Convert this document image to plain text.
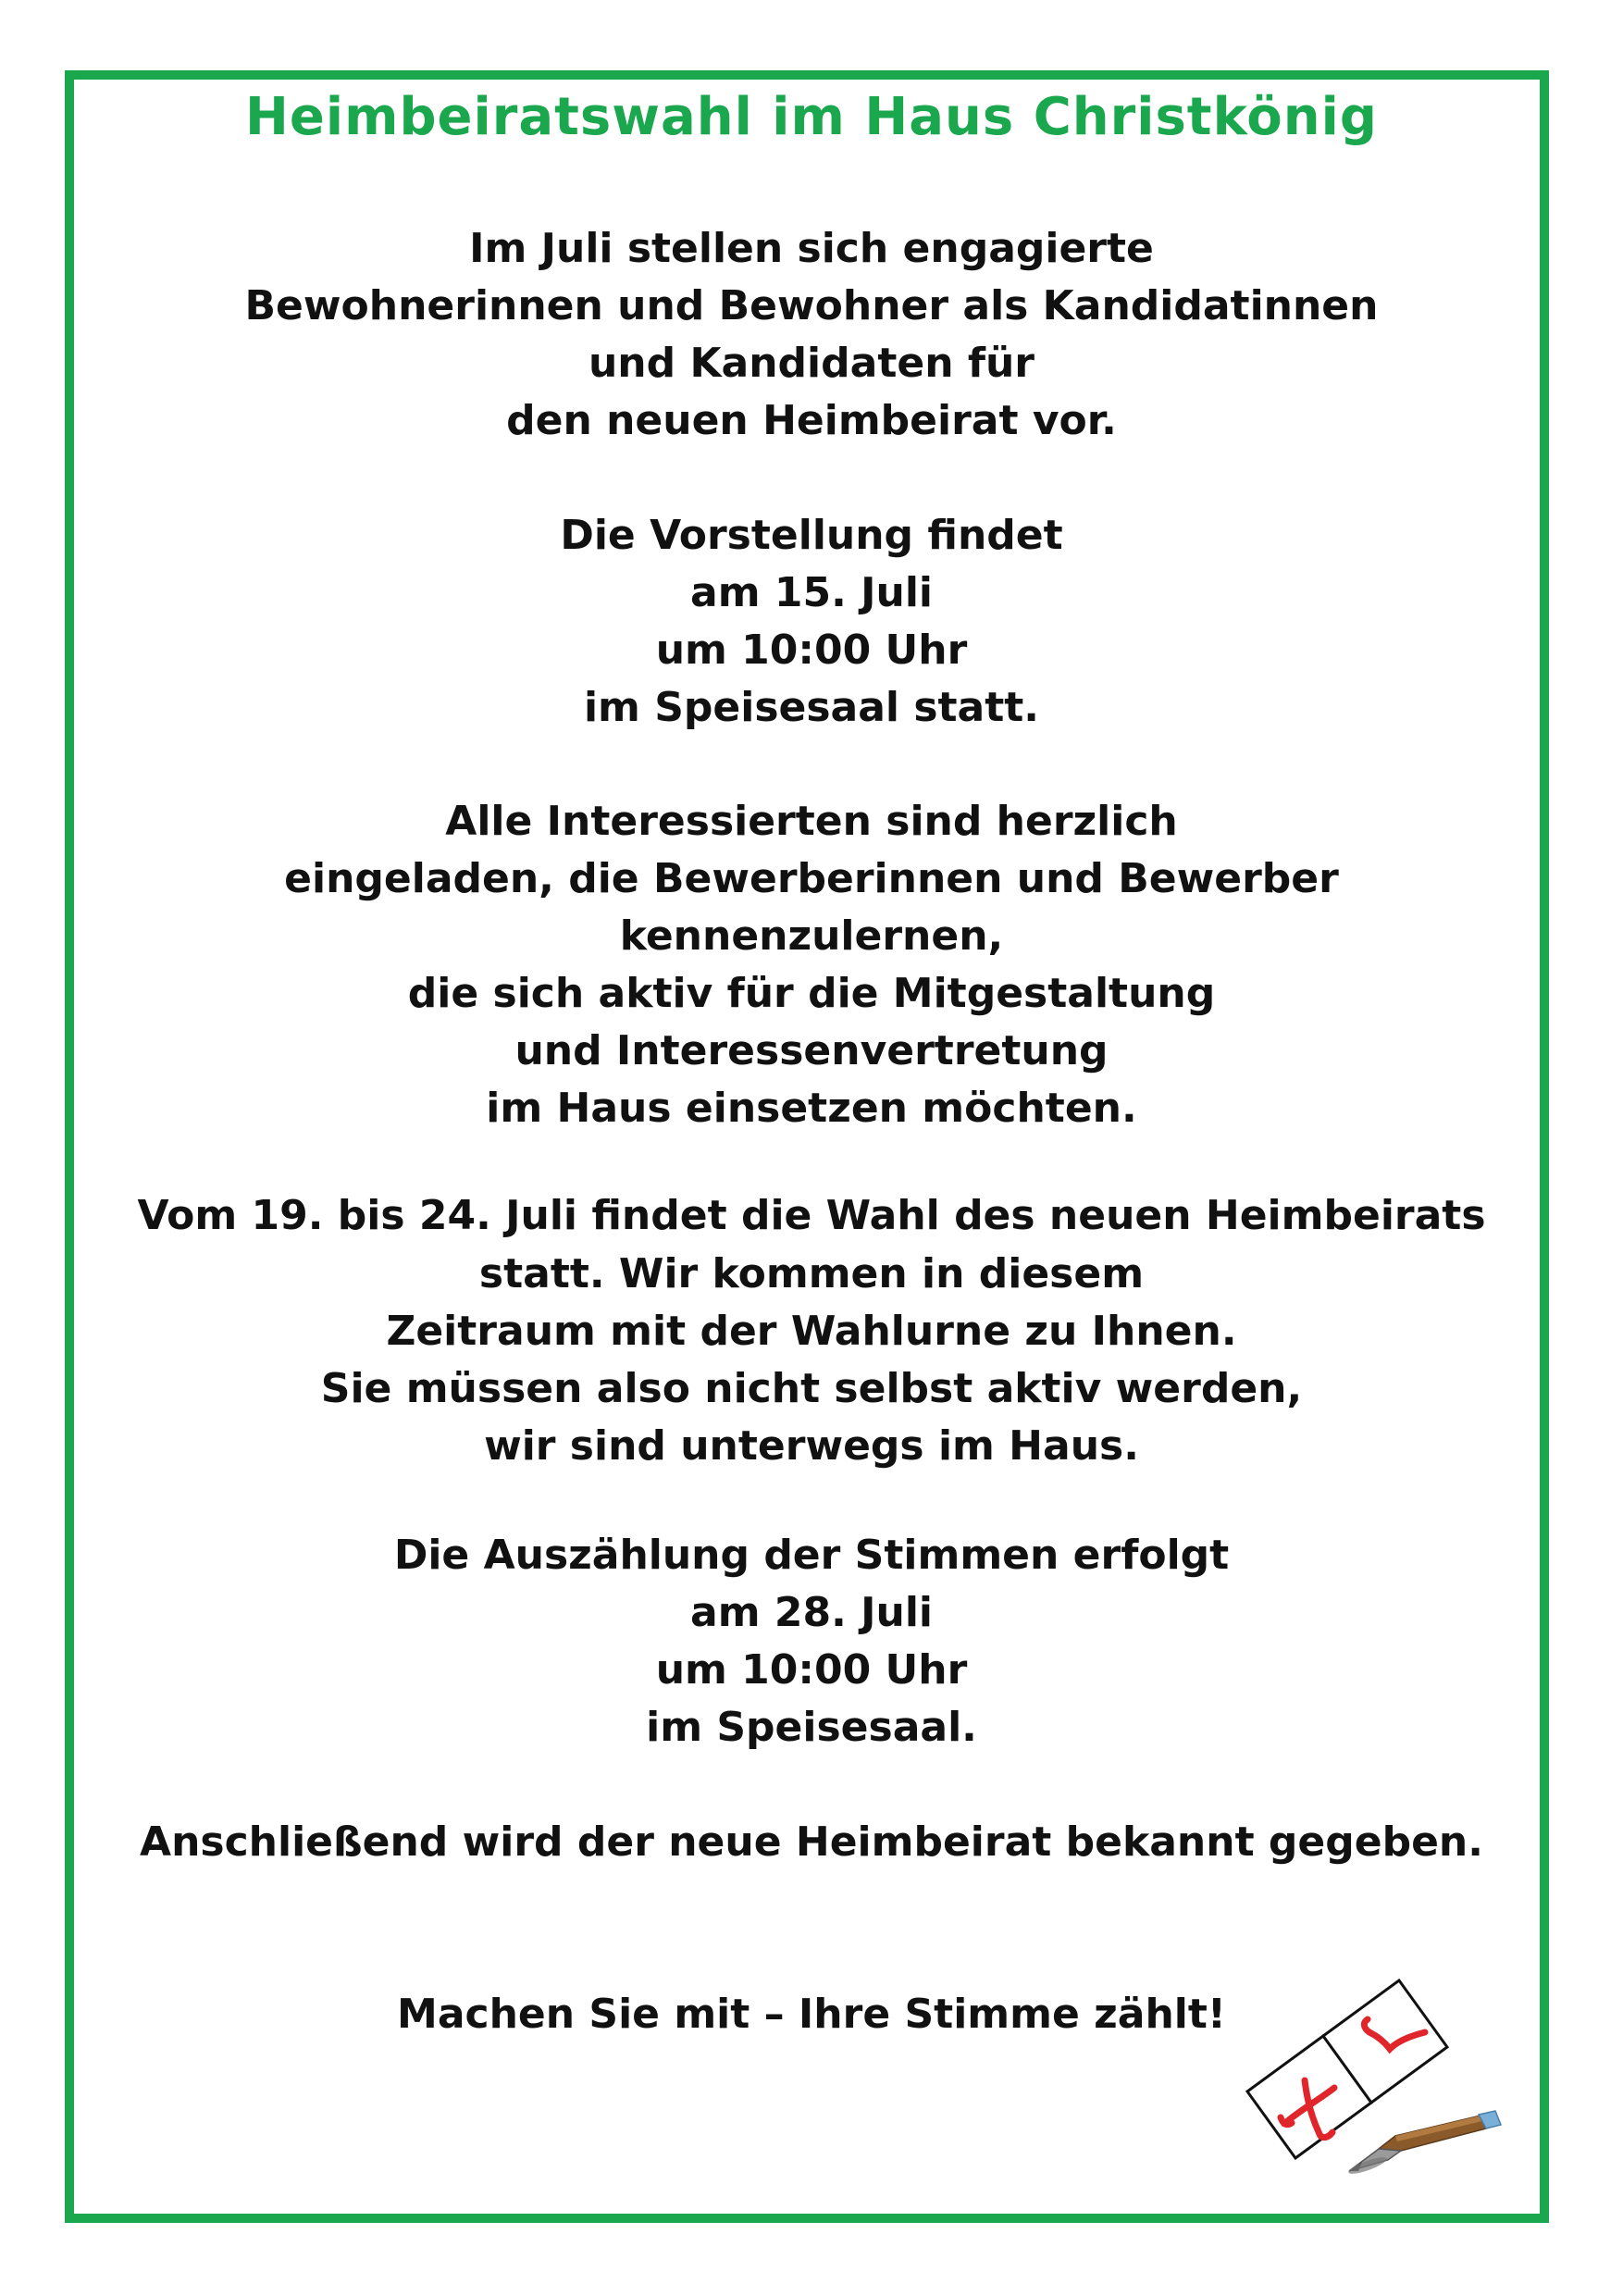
Heimbeiratswahl im Haus Christkönig
Im Juli stellen sich engagierte
Bewohnerinnen und Bewohner als Kandidatinnen
und Kandidaten für
den neuen Heimbeirat vor.
Die Vorstellung findet
am 15. Juli
um 10:00 Uhr
im Speisesaal statt.
Alle Interessierten sind herzlich
eingeladen, die Bewerberinnen und Bewerber
kennenzulernen,
die sich aktiv für die Mitgestaltung
und Interessenvertretung
im Haus einsetzen möchten.
Vom 19. bis 24. Juli findet die Wahl des neuen Heimbeirats
statt. Wir kommen in diesem
Zeitraum mit der Wahlurne zu Ihnen.
Sie müssen also nicht selbst aktiv werden,
wir sind unterwegs im Haus.
Die Auszählung der Stimmen erfolgt
am 28. Juli
um 10:00 Uhr
im Speisesaal.
Anschließend wird der neue Heimbeirat bekannt gegeben.
Machen Sie mit – Ihre Stimme zählt!
